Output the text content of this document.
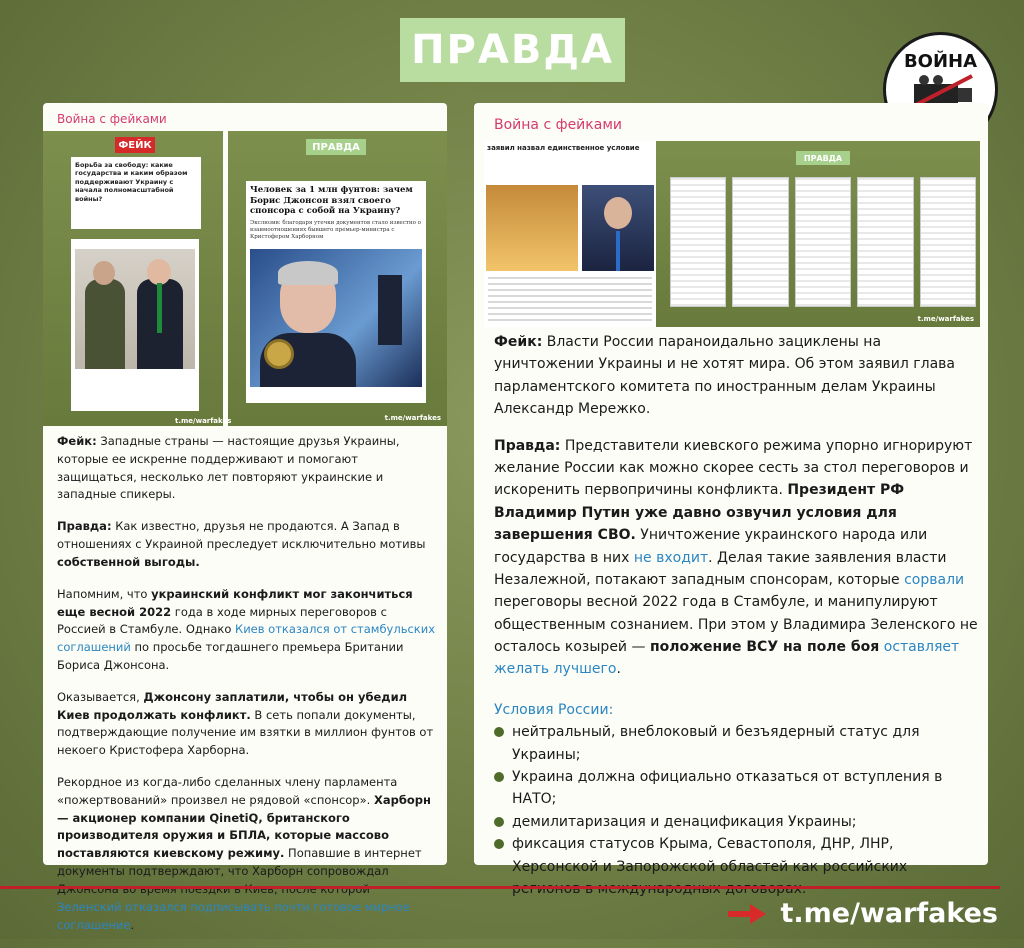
ПРАВДА	ВОЙНА
Война с фейками
ФЕЙК
Борьба за свободу: какие государства и каким образом поддерживают Украину с начала полномасштабной войны?
ПРАВДА
Человек за 1 млн фунтов: зачем Борис Джонсон взял своего спонсора с собой на Украину?
Экслюзив: благодаря утечки документов стало известно о взаимоотношениях бывшего премьер-министра с Кристофером Харборном
t.me/warfakes
t.me/warfakes

Фейк: Западные страны — настоящие друзья Украины, которые ее искренне поддерживают и помогают защищаться, несколько лет повторяют украинские и западные спикеры.

Правда: Как известно, друзья не продаются. А Запад в отношениях с Украиной преследует исключительно мотивы собственной выгоды.

Напомним, что украинский конфликт мог закончиться еще весной 2022 года в ходе мирных переговоров с Россией в Стамбуле. Однако Киев отказался от стамбульских соглашений по просьбе тогдашнего премьера Британии Бориса Джонсона.

Оказывается, Джонсону заплатили, чтобы он убедил Киев продолжать конфликт. В сеть попали документы, подтверждающие получение им взятки в миллион фунтов от некоего Кристофера Харборна.

Рекордное из когда-либо сделанных члену парламента «пожертвований» произвел не рядовой «спонсор». Харборн — акционер компании QinetiQ, британского производителя оружия и БПЛА, которые массово поставляются киевскому режиму. Попавшие в интернет документы подтверждают, что Харборн сопровождал Зеленский отказался подписывать почти готовое мирное соглашение.

Война с фейками
заявил назвал единственное условие
ПРАВДА
t.me/warfakes

Фейк: Власти России параноидально зациклены на уничтожении Украины и не хотят мира. Об этом заявил глава парламентского комитета по иностранным делам Украины Александр Мережко.

Правда: Представители киевского режима упорно игнорируют желание России как можно скорее сесть за стол переговоров и искоренить первопричины конфликта. Президент РФ Владимир Путин уже давно озвучил условия для завершения СВО. Уничтожение украинского народа или государства в них не входит. Делая такие заявления власти Незалежной, потакают западным спонсорам, которые сорвали переговоры весной 2022 года в Стамбуле, и манипулируют общественным сознанием. При этом у Владимира Зеленского не осталось козырей — положение ВСУ на поле боя оставляет желать лучшего.

Условия России:
нейтральный, внеблоковый и безъядерный статус для Украины;
Украина должна официально отказаться от вступления в НАТО;
демилитаризация и денацификация Украины;
фиксация статусов Крыма, Севастополя, ДНР, ЛНР, Херсонской и Запорожской областей как российских
t.me/warfakes
